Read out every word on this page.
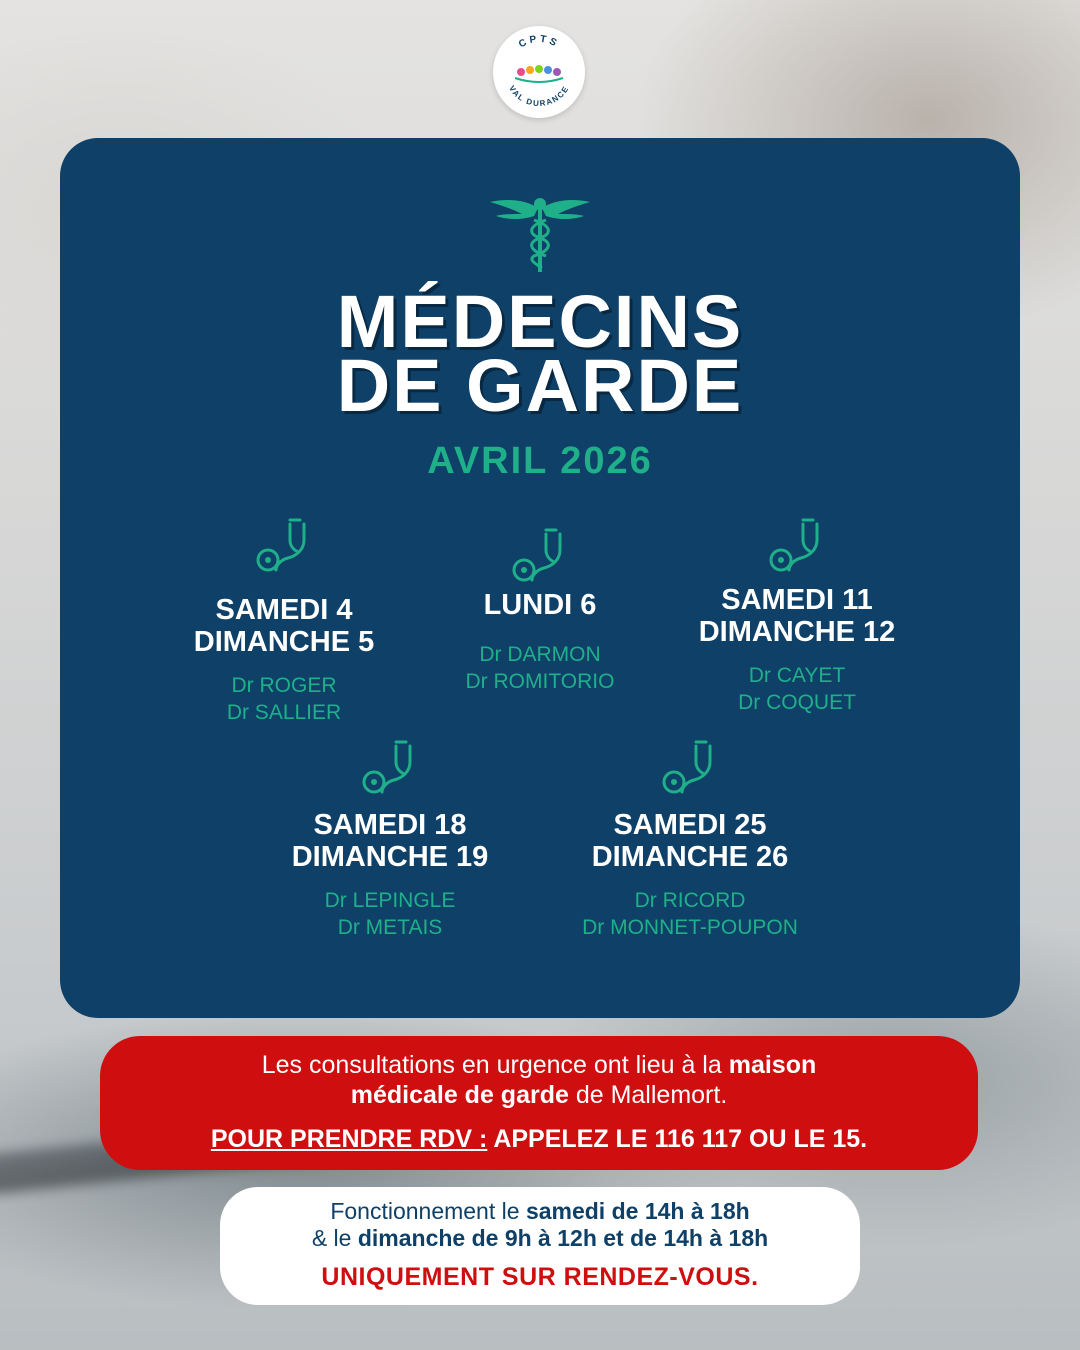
CPTS
VAL DURANCE
MÉDECINS
DE GARDE
AVRIL 2026

SAMEDI 4

DIMANCHE 5

Dr ROGER

Dr SALLIER

LUNDI 6

Dr DARMON

Dr ROMITORIO

SAMEDI 11

DIMANCHE 12

Dr CAYET

Dr COQUET

SAMEDI 18

DIMANCHE 19

Dr LEPINGLE

Dr METAIS

SAMEDI 25

DIMANCHE 26

Dr RICORD

Dr MONNET-POUPON

Les consultations en urgence ont lieu à la maison
médicale de garde de Mallemort.
POUR PRENDRE RDV : APPELEZ LE 116 117 OU LE 15.
Fonctionnement le samedi de 14h à 18h
& le dimanche de 9h à 12h et de 14h à 18h
UNIQUEMENT SUR RENDEZ-VOUS.
